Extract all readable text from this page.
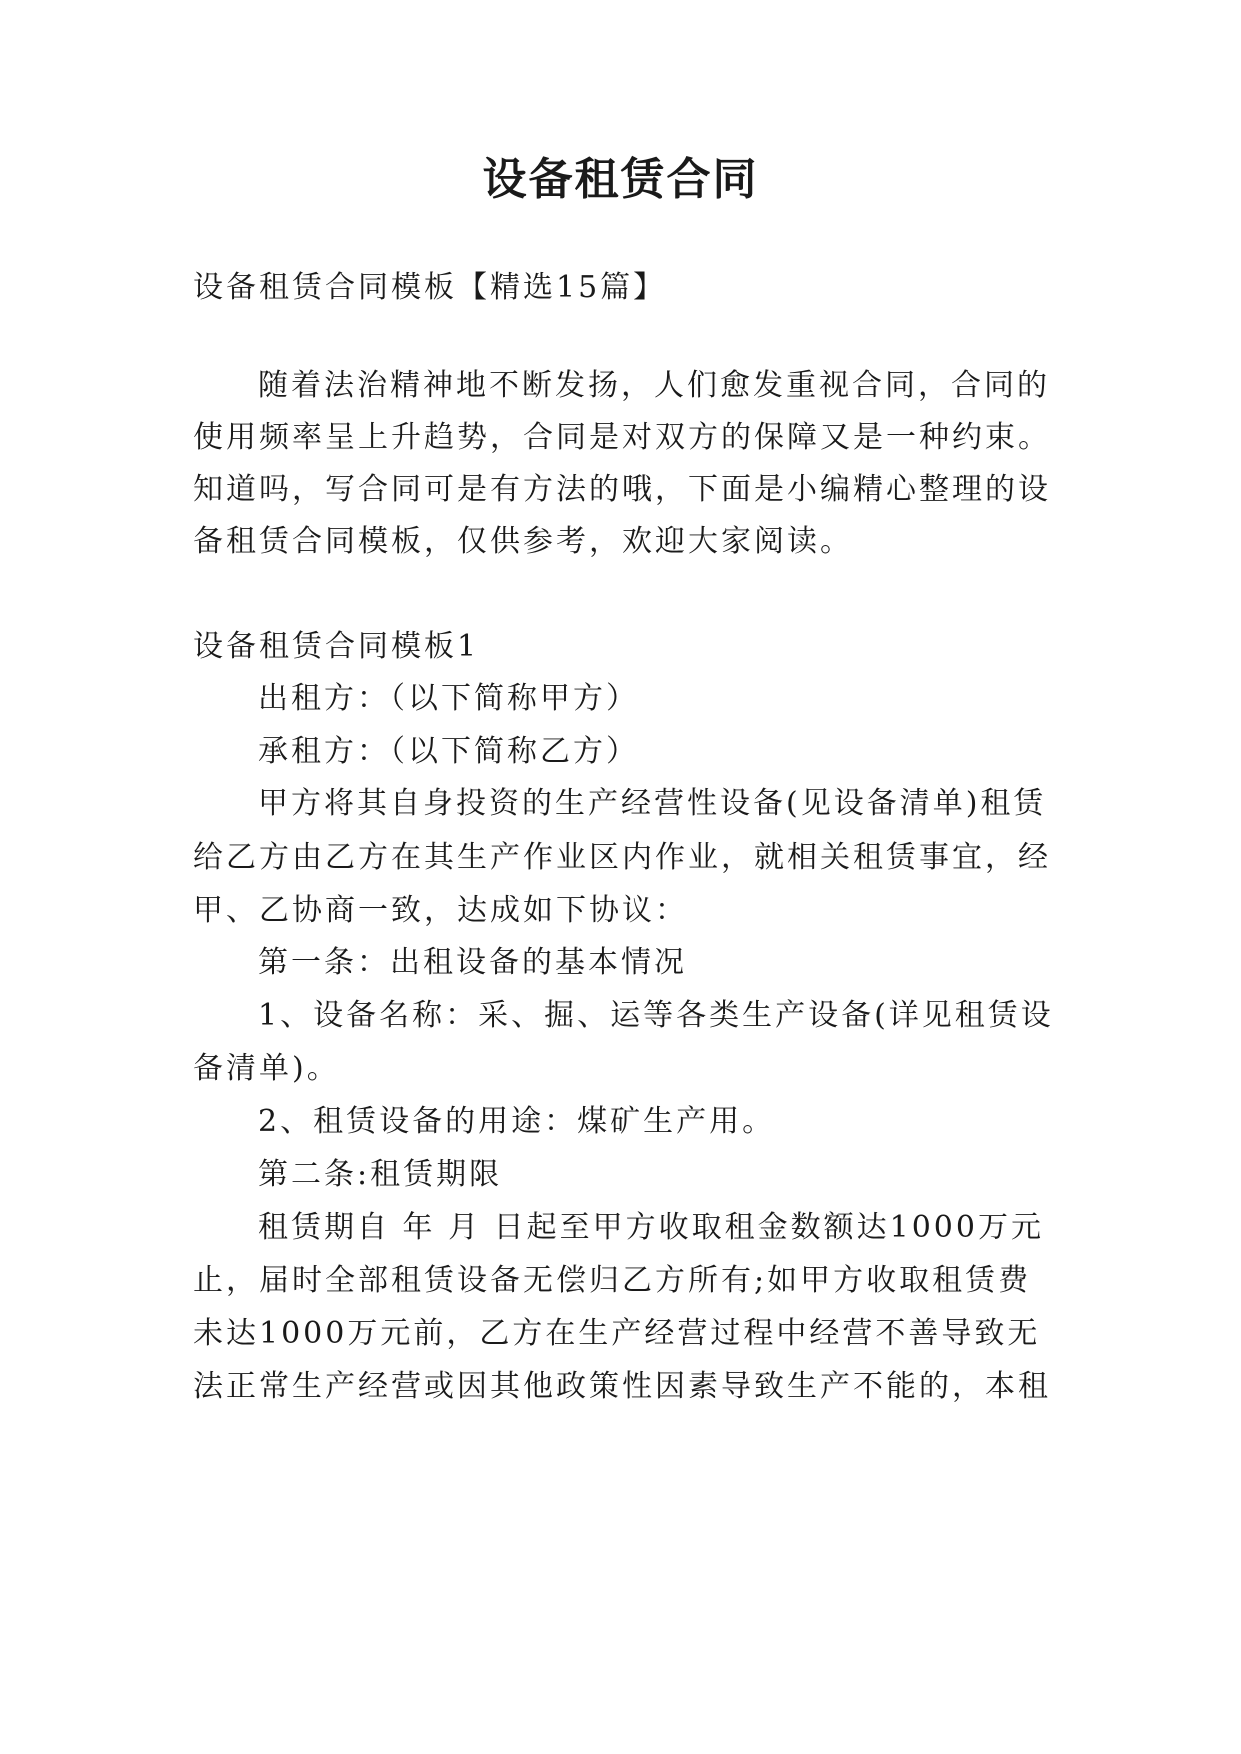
设备租赁合同

设备租赁合同模板【精选15篇】

随着法治精神地不断发扬，人们愈发重视合同，合同的

使用频率呈上升趋势，合同是对双方的保障又是一种约束。

知道吗，写合同可是有方法的哦，下面是小编精心整理的设

备租赁合同模板，仅供参考，欢迎大家阅读。

设备租赁合同模板1

出租方：（以下简称甲方）

承租方：（以下简称乙方）

甲方将其自身投资的生产经营性设备(见设备清单)租赁

给乙方由乙方在其生产作业区内作业，就相关租赁事宜，经

甲、乙协商一致，达成如下协议：

第一条：出租设备的基本情况

1、设备名称：采、掘、运等各类生产设备(详见租赁设

备清单)。

2、租赁设备的用途：煤矿生产用。

第二条:租赁期限

租赁期自 年 月 日起至甲方收取租金数额达1000万元

止，届时全部租赁设备无偿归乙方所有;如甲方收取租赁费

未达1000万元前，乙方在生产经营过程中经营不善导致无

法正常生产经营或因其他政策性因素导致生产不能的，本租
